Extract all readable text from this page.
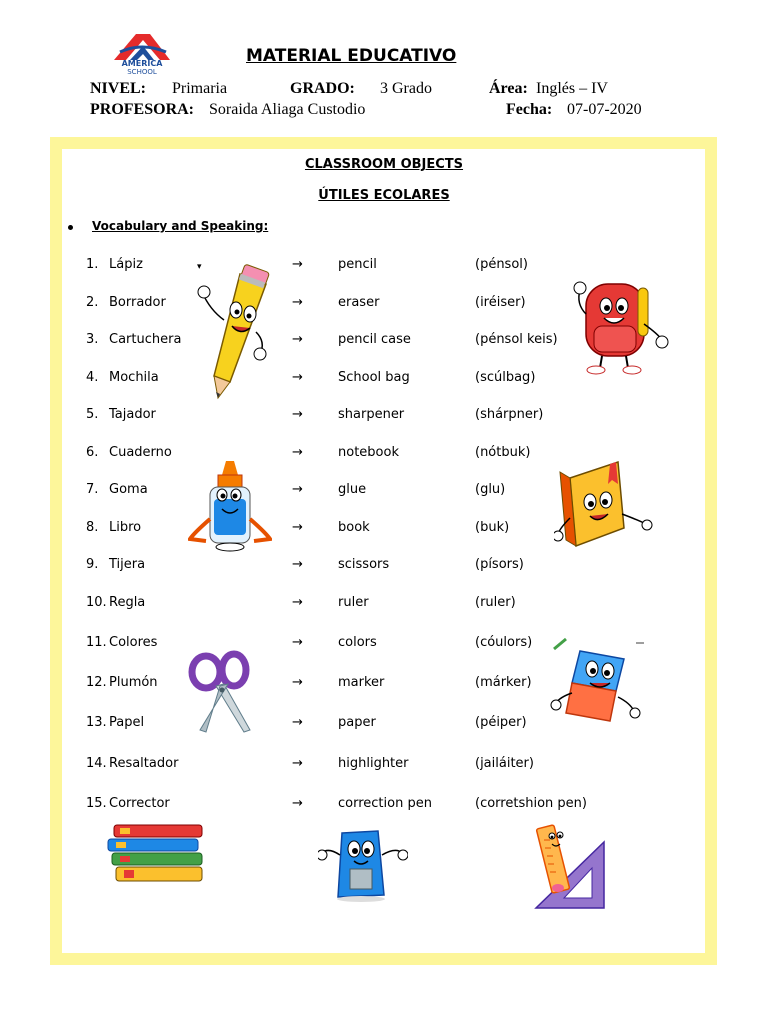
AMERICA
SCHOOL
MATERIAL EDUCATIVO
NIVEL: Primaria	GRADO: 3 Grado	Área: Inglés – IV
PROFESORA: Soraida Aliaga Custodio	Fecha: 07-07-2020
CLASSROOM OBJECTS
ÚTILES ECOLARES
Vocabulary and Speaking:
1. Lápiz	→	pencil	(pénsol)
2. Borrador	→	eraser	(iréiser)
3. Cartuchera	→	pencil case	(pénsol keis)
4. Mochila	→	School bag	(scúlbag)
5. Tajador	→	sharpener	(shárpner)
6. Cuaderno	→	notebook	(nótbuk)
7. Goma	→	glue	(glu)
8. Libro	→	book	(buk)
9. Tijera	→	scissors	(písors)
10. Regla	→	ruler	(ruler)
11. Colores	→	colors	(cóulors)
12. Plumón	→	marker	(márker)
13. Papel	→	paper	(péiper)
14. Resaltador	→	highlighter	(jailáiter)
15. Corrector	→	correction pen	(corretshion pen)
▾
